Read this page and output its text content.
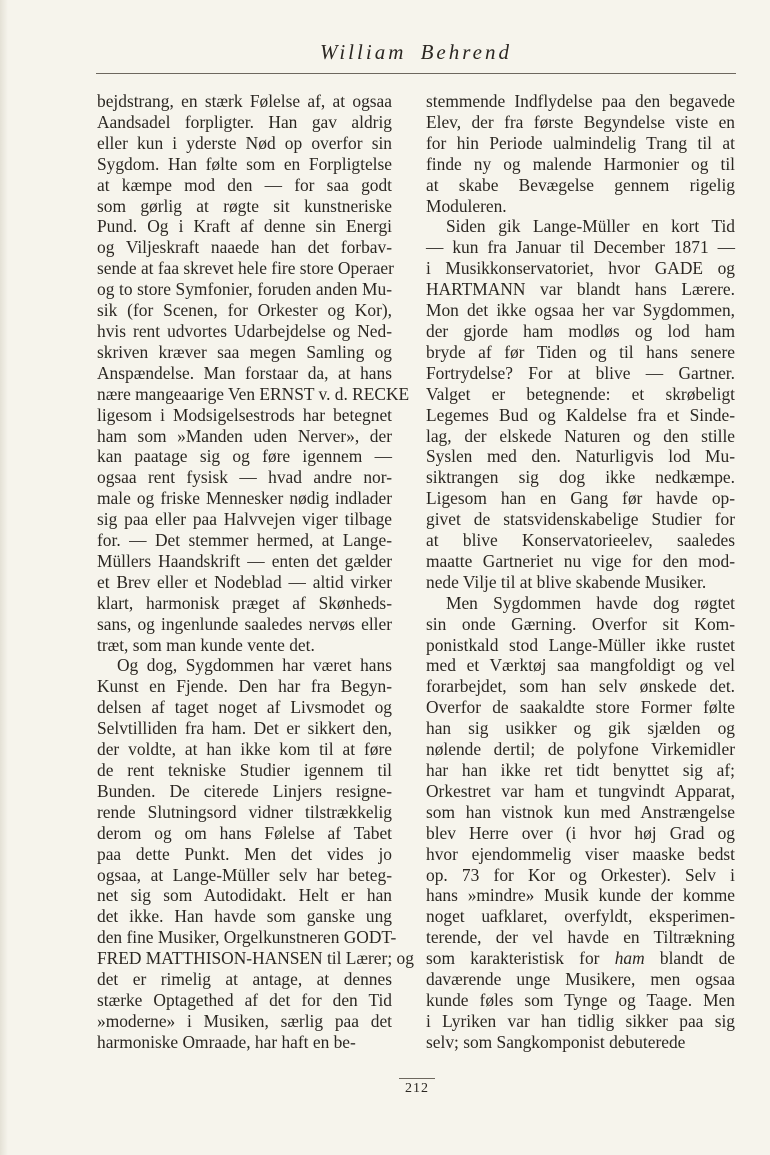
William Behrend
bejdstrang, en stærk Følelse af, at ogsaa
Aandsadel forpligter. Han gav aldrig
eller kun i yderste Nød op overfor sin
Sygdom. Han følte som en Forpligtelse
at kæmpe mod den — for saa godt
som gørlig at røgte sit kunstneriske
Pund. Og i Kraft af denne sin Energi
og Viljeskraft naaede han det forbav-
sende at faa skrevet hele fire store Operaer
og to store Symfonier, foruden anden Mu-
sik (for Scenen, for Orkester og Kor),
hvis rent udvortes Udarbejdelse og Ned-
skriven kræver saa megen Samling og
Anspændelse. Man forstaar da, at hans
nære mangeaarige Ven ERNST v. d. RECKE
ligesom i Modsigelsestrods har betegnet
ham som »Manden uden Nerver», der
kan paatage sig og føre igennem —
ogsaa rent fysisk — hvad andre nor-
male og friske Mennesker nødig indlader
sig paa eller paa Halvvejen viger tilbage
for. — Det stemmer hermed, at Lange-
Müllers Haandskrift — enten det gælder
et Brev eller et Nodeblad — altid virker
klart, harmonisk præget af Skønheds-
sans, og ingenlunde saaledes nervøs eller
træt, som man kunde vente det.
Og dog, Sygdommen har været hans
Kunst en Fjende. Den har fra Begyn-
delsen af taget noget af Livsmodet og
Selvtilliden fra ham. Det er sikkert den,
der voldte, at han ikke kom til at føre
de rent tekniske Studier igennem til
Bunden. De citerede Linjers resigne-
rende Slutningsord vidner tilstrækkelig
derom og om hans Følelse af Tabet
paa dette Punkt. Men det vides jo
ogsaa, at Lange-Müller selv har beteg-
net sig som Autodidakt. Helt er han
det ikke. Han havde som ganske ung
den fine Musiker, Orgelkunstneren GODT-
FRED MATTHISON-HANSEN til Lærer; og
det er rimelig at antage, at dennes
stærke Optagethed af det for den Tid
»moderne» i Musiken, særlig paa det
harmoniske Omraade, har haft en be-
stemmende Indflydelse paa den begavede
Elev, der fra første Begyndelse viste en
for hin Periode ualmindelig Trang til at
finde ny og malende Harmonier og til
at skabe Bevægelse gennem rigelig
Moduleren.
Siden gik Lange-Müller en kort Tid
— kun fra Januar til December 1871 —
i Musikkonservatoriet, hvor GADE og
HARTMANN var blandt hans Lærere.
Mon det ikke ogsaa her var Sygdommen,
der gjorde ham modløs og lod ham
bryde af før Tiden og til hans senere
Fortrydelse? For at blive — Gartner.
Valget er betegnende: et skrøbeligt
Legemes Bud og Kaldelse fra et Sinde-
lag, der elskede Naturen og den stille
Syslen med den. Naturligvis lod Mu-
siktrangen sig dog ikke nedkæmpe.
Ligesom han en Gang før havde op-
givet de statsvidenskabelige Studier for
at blive Konservatorieelev, saaledes
maatte Gartneriet nu vige for den mod-
nede Vilje til at blive skabende Musiker.
Men Sygdommen havde dog røgtet
sin onde Gærning. Overfor sit Kom-
ponistkald stod Lange-Müller ikke rustet
med et Værktøj saa mangfoldigt og vel
forarbejdet, som han selv ønskede det.
Overfor de saakaldte store Former følte
han sig usikker og gik sjælden og
nølende dertil; de polyfone Virkemidler
har han ikke ret tidt benyttet sig af;
Orkestret var ham et tungvindt Apparat,
som han vistnok kun med Anstrængelse
blev Herre over (i hvor høj Grad og
hvor ejendommelig viser maaske bedst
op. 73 for Kor og Orkester). Selv i
hans »mindre» Musik kunde der komme
noget uafklaret, overfyldt, eksperimen-
terende, der vel havde en Tiltrækning
som karakteristisk for ham blandt de
daværende unge Musikere, men ogsaa
kunde føles som Tynge og Taage. Men
i Lyriken var han tidlig sikker paa sig
selv; som Sangkomponist debuterede
212
